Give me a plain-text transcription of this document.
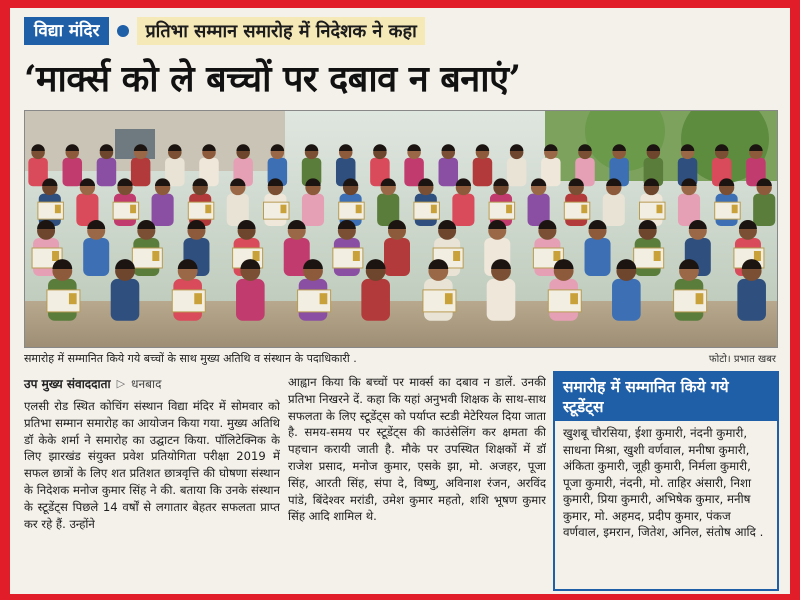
विद्या मंदिर	प्रतिभा सम्मान समारोह में निदेशक ने कहा
‘मार्क्स को ले बच्चों पर दबाव न बनाएं’
समारोह में सम्मानित किये गये बच्चों के साथ मुख्य अतिथि व संस्थान के पदाधिकारी .	फोटो। प्रभात खबर
उप मुख्य संवाददाता ▷ धनबाद
एलसी रोड स्थित कोचिंग संस्थान विद्या मंदिर में सोमवार को प्रतिभा सम्मान समारोह का आयोजन किया गया. मुख्य अतिथि डॉ केके शर्मा ने समारोह का उद्घाटन किया. पॉलिटेक्निक के लिए झारखंड संयुक्त प्रवेश प्रतियोगिता परीक्षा 2019 में सफल छात्रों के लिए शत प्रतिशत छात्रवृत्ति की घोषणा संस्थान के निदेशक मनोज कुमार सिंह ने की. बताया कि उनके संस्थान के स्टूडेंट्स पिछले 14 वर्षों से लगातार बेहतर सफलता प्राप्त कर रहे हैं. उन्होंने
आह्वान किया कि बच्चों पर मार्क्स का दबाव न डालें. उनकी प्रतिभा निखरने दें. कहा कि यहां अनुभवी शिक्षक के साथ-साथ सफलता के लिए स्टूडेंट्स को पर्याप्त स्टडी मेटेरियल दिया जाता है. समय-समय पर स्टूडेंट्स की काउंसेलिंग कर क्षमता की पहचान करायी जाती है. मौके पर उपस्थित शिक्षकों में डॉ राजेश प्रसाद, मनोज कुमार, एसके झा, मो. अजहर, पूजा सिंह, आरती सिंह, संपा दे, विष्णु, अविनाश रंजन, अरविंद पांडे, बिंदेश्वर मरांडी, उमेश कुमार महतो, शशि भूषण कुमार सिंह आदि शामिल थे.
समारोह में सम्मानित किये गये स्टूडेंट्स
खुशबू चौरसिया, ईशा कुमारी, नंदनी कुमारी, साधना मिश्रा, खुशी वर्णवाल, मनीषा कुमारी, अंकिता कुमारी, जूही कुमारी, निर्मला कुमारी, पूजा कुमारी, नंदनी, मो. ताहिर अंसारी, निशा कुमारी, प्रिया कुमारी, अभिषेक कुमार, मनीष कुमार, मो. अहमद, प्रदीप कुमार, पंकज वर्णवाल, इमरान, जितेश, अनिल, संतोष आदि .
